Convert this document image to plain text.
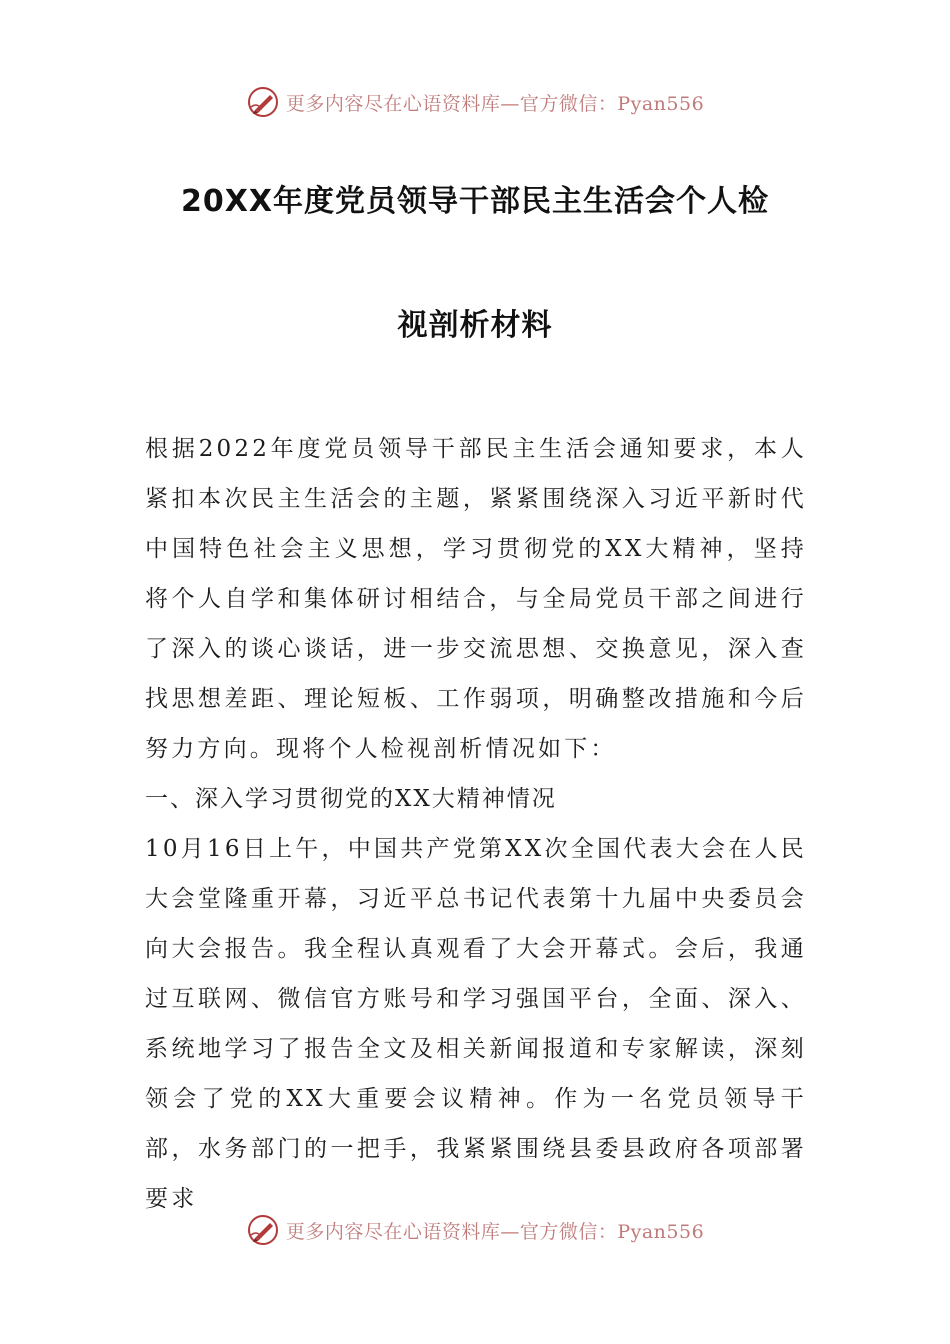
更多内容尽在心语资料库—官方微信：Pyan556
20XX年度党员领导干部民主生活会个人检
视剖析材料

根据2022年度党员领导干部民主生活会通知要求，本人紧扣本次民主生活会的主题，紧紧围绕深入习近平新时代中国特色社会主义思想，学习贯彻党的XX大精神，坚持将个人自学和集体研讨相结合，与全局党员干部之间进行了深入的谈心谈话，进一步交流思想、交换意见，深入查找思想差距、理论短板、工作弱项，明确整改措施和今后努力方向。现将个人检视剖析情况如下：

一、深入学习贯彻党的XX大精神情况

10月16日上午，中国共产党第XX次全国代表大会在人民大会堂隆重开幕，习近平总书记代表第十九届中央委员会向大会报告。我全程认真观看了大会开幕式。会后，我通过互联网、微信官方账号和学习强国平台，全面、深入、系统地学习了报告全文及相关新闻报道和专家解读，深刻领会了党的XX大重要会议精神。作为一名党员领导干部，水务部门的一把手，我紧紧围绕县委县政府各项部署要求

更多内容尽在心语资料库—官方微信：Pyan556
